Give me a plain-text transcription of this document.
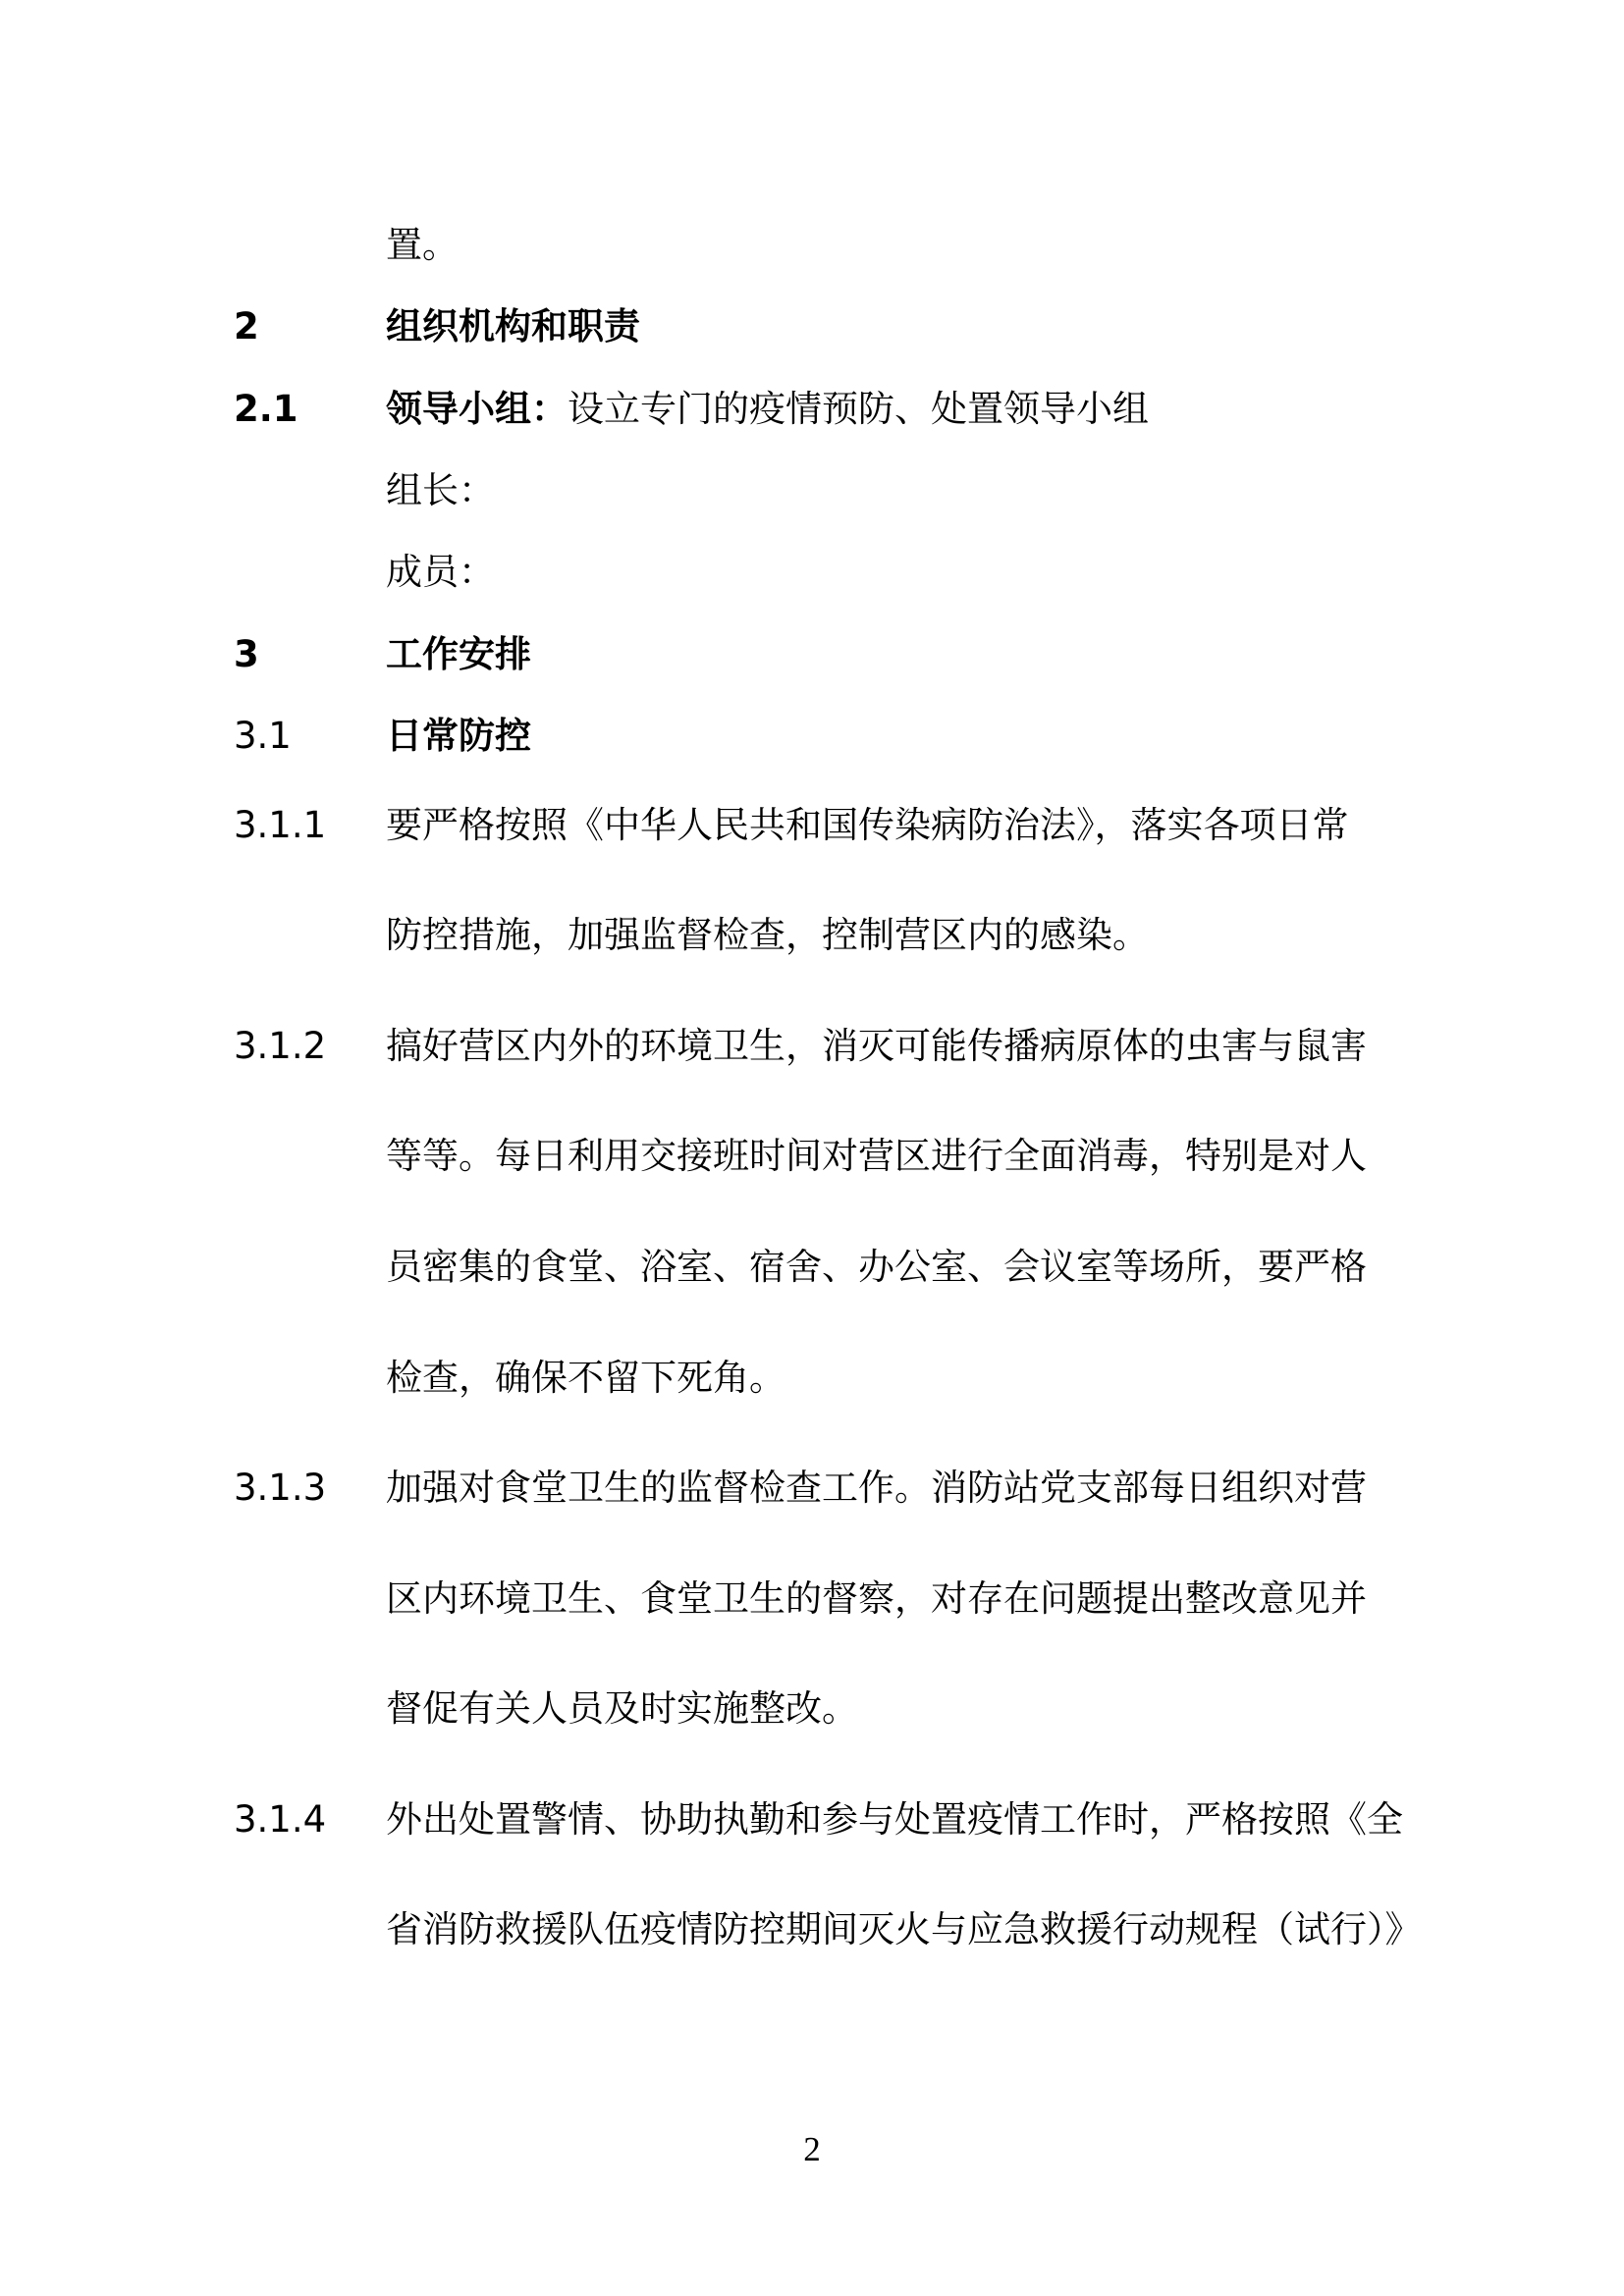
置。
2	组织机构和职责
2.1 领导小组：设立专门的疫情预防、处置领导小组
组长：
成员：
3	工作安排
3.1	日常防控
3.1.1 要严格按照《中华人民共和国传染病防治法》，落实各项日常
防控措施，加强监督检查，控制营区内的感染。
3.1.2 搞好营区内外的环境卫生，消灭可能传播病原体的虫害与鼠害
等等。每日利用交接班时间对营区进行全面消毒，特别是对人
员密集的食堂、浴室、宿舍、办公室、会议室等场所，要严格
检查，确保不留下死角。
3.1.3 加强对食堂卫生的监督检查工作。消防站党支部每日组织对营
区内环境卫生、食堂卫生的督察，对存在问题提出整改意见并
督促有关人员及时实施整改。
3.1.4 外出处置警情、协助执勤和参与处置疫情工作时，严格按照《全
省消防救援队伍疫情防控期间灭火与应急救援行动规程（试行）》
2
